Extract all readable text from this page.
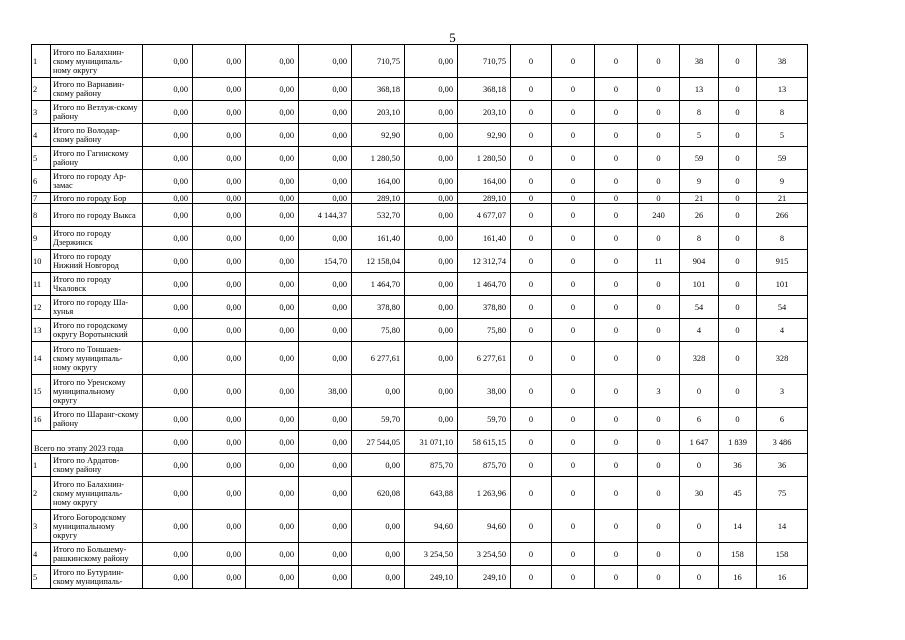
5
1	Итого по Балахнин-скому муниципаль-ному округу	0,00	0,00	0,00	0,00	710,75	0,00	710,75	0	0	0	0	38	0	38
2	Итого по Варнавин-скому району	0,00	0,00	0,00	0,00	368,18	0,00	368,18	0	0	0	0	13	0	13
3	Итого по Ветлуж-скому району	0,00	0,00	0,00	0,00	203,10	0,00	203,10	0	0	0	0	8	0	8
4	Итого по Володар-скому району	0,00	0,00	0,00	0,00	92,90	0,00	92,90	0	0	0	0	5	0	5
5	Итого по Гагинскому району	0,00	0,00	0,00	0,00	1 280,50	0,00	1 280,50	0	0	0	0	59	0	59
6	Итого по городу Ар-замас	0,00	0,00	0,00	0,00	164,00	0,00	164,00	0	0	0	0	9	0	9
7	Итого по городу Бор	0,00	0,00	0,00	0,00	289,10	0,00	289,10	0	0	0	0	21	0	21
8	Итого по городу Выкса	0,00	0,00	0,00	4 144,37	532,70	0,00	4 677,07	0	0	0	240	26	0	266
9	Итого по городу Дзержинск	0,00	0,00	0,00	0,00	161,40	0,00	161,40	0	0	0	0	8	0	8
10	Итого по городу Нижний Новгород	0,00	0,00	0,00	154,70	12 158,04	0,00	12 312,74	0	0	0	11	904	0	915
11	Итого по городу Чкаловск	0,00	0,00	0,00	0,00	1 464,70	0,00	1 464,70	0	0	0	0	101	0	101
12	Итого по городу Ша-хунья	0,00	0,00	0,00	0,00	378,80	0,00	378,80	0	0	0	0	54	0	54
13	Итого по городскому округу Воротынский	0,00	0,00	0,00	0,00	75,80	0,00	75,80	0	0	0	0	4	0	4
14	Итого по Тоншаев-скому муниципаль-ному округу	0,00	0,00	0,00	0,00	6 277,61	0,00	6 277,61	0	0	0	0	328	0	328
15	Итого по Уренскому муниципальному округу	0,00	0,00	0,00	38,00	0,00	0,00	38,00	0	0	0	3	0	0	3
16	Итого по Шаранг-скому району	0,00	0,00	0,00	0,00	59,70	0,00	59,70	0	0	0	0	6	0	6
Всего по этапу 2023 года		0,00	0,00	0,00	0,00	27 544,05	31 071,10	58 615,15	0	0	0	0	1 647	1 839	3 486
1	Итого по Ардатов-скому району	0,00	0,00	0,00	0,00	0,00	875,70	875,70	0	0	0	0	0	36	36
2	Итого по Балахнин-скому муниципаль-ному округу	0,00	0,00	0,00	0,00	620,08	643,88	1 263,96	0	0	0	0	30	45	75
3	Итого Богородскому муниципальному округу	0,00	0,00	0,00	0,00	0,00	94,60	94,60	0	0	0	0	0	14	14
4	Итого по Большему-рашкинскому району	0,00	0,00	0,00	0,00	0,00	3 254,50	3 254,50	0	0	0	0	0	158	158
5	Итого по Бутурлин-скому муниципаль-	0,00	0,00	0,00	0,00	0,00	249,10	249,10	0	0	0	0	0	16	16
